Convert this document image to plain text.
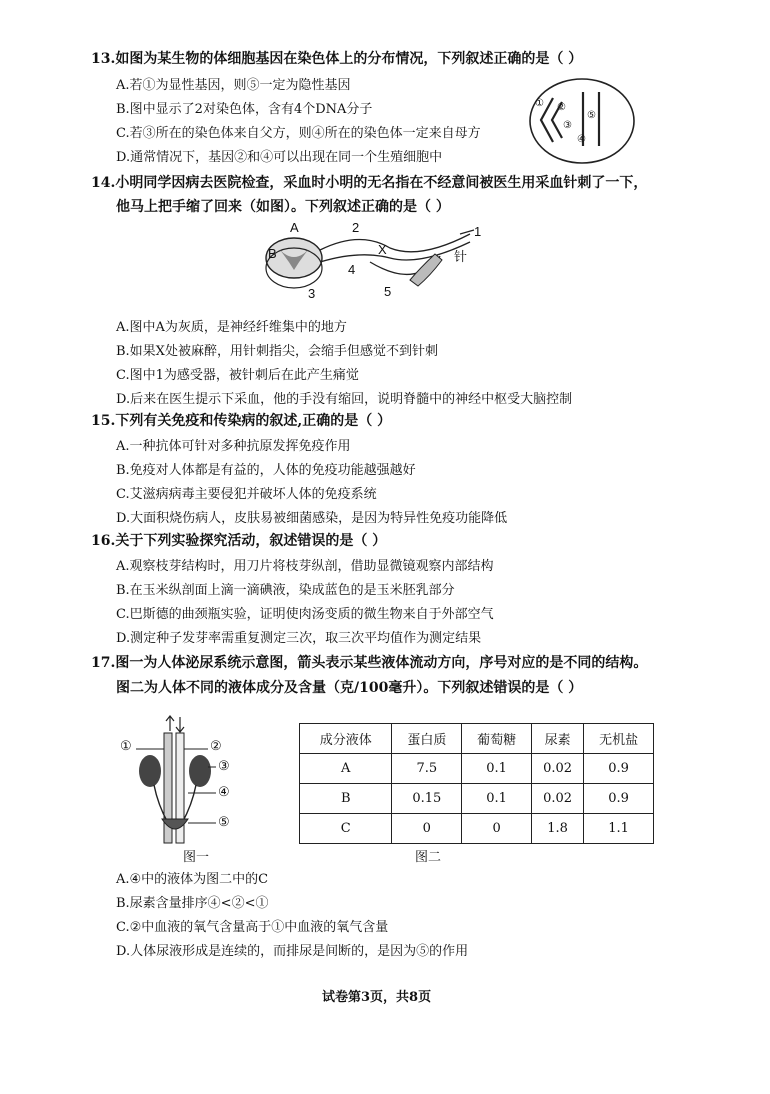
13.如图为某生物的体细胞基因在染色体上的分布情况，下列叙述正确的是（ ）
A.若①为显性基因，则⑤一定为隐性基因
B.图中显示了2对染色体，含有4个DNA分子
C.若③所在的染色体来自父方，则④所在的染色体一定来自母方
D.通常情况下，基因②和④可以出现在同一个生殖细胞中
① ②
③
④
⑤
14.小明同学因病去医院检查，采血时小明的无名指在不经意间被医生用采血针刺了一下，
他马上把手缩了回来（如图）。下列叙述正确的是（ ）
A
B
2
X
4
3	5
1
针
A.图中A为灰质，是神经纤维集中的地方
B.如果X处被麻醉，用针刺指尖，会缩手但感觉不到针刺
C.图中1为感受器，被针刺后在此产生痛觉
D.后来在医生提示下采血，他的手没有缩回，说明脊髓中的神经中枢受大脑控制
15.下列有关免疫和传染病的叙述,正确的是（ ）
A.一种抗体可针对多种抗原发挥免疫作用
B.免疫对人体都是有益的，人体的免疫功能越强越好
C.艾滋病病毒主要侵犯并破坏人体的免疫系统
D.大面积烧伤病人，皮肤易被细菌感染，是因为特异性免疫功能降低
16.关于下列实验探究活动，叙述错误的是（ ）
A.观察枝芽结构时，用刀片将枝芽纵剖，借助显微镜观察内部结构
B.在玉米纵剖面上滴一滴碘液，染成蓝色的是玉米胚乳部分
C.巴斯德的曲颈瓶实验，证明使肉汤变质的微生物来自于外部空气
D.测定种子发芽率需重复测定三次，取三次平均值作为测定结果
17.图一为人体泌尿系统示意图，箭头表示某些液体流动方向，序号对应的是不同的结构。
图二为人体不同的液体成分及含量（克/100毫升）。下列叙述错误的是（ ）
①	②
③
④
⑤
图一
成分液体	蛋白质	葡萄糖	尿素	无机盐
A	7.5	0.1	0.02	0.9
B	0.15	0.1	0.02	0.9
C	0	0	1.8	1.1
图二
A.④中的液体为图二中的C
B.尿素含量排序④<②<①
C.②中血液的氧气含量高于①中血液的氧气含量
D.人体尿液形成是连续的，而排尿是间断的，是因为⑤的作用
试卷第3页，共8页
